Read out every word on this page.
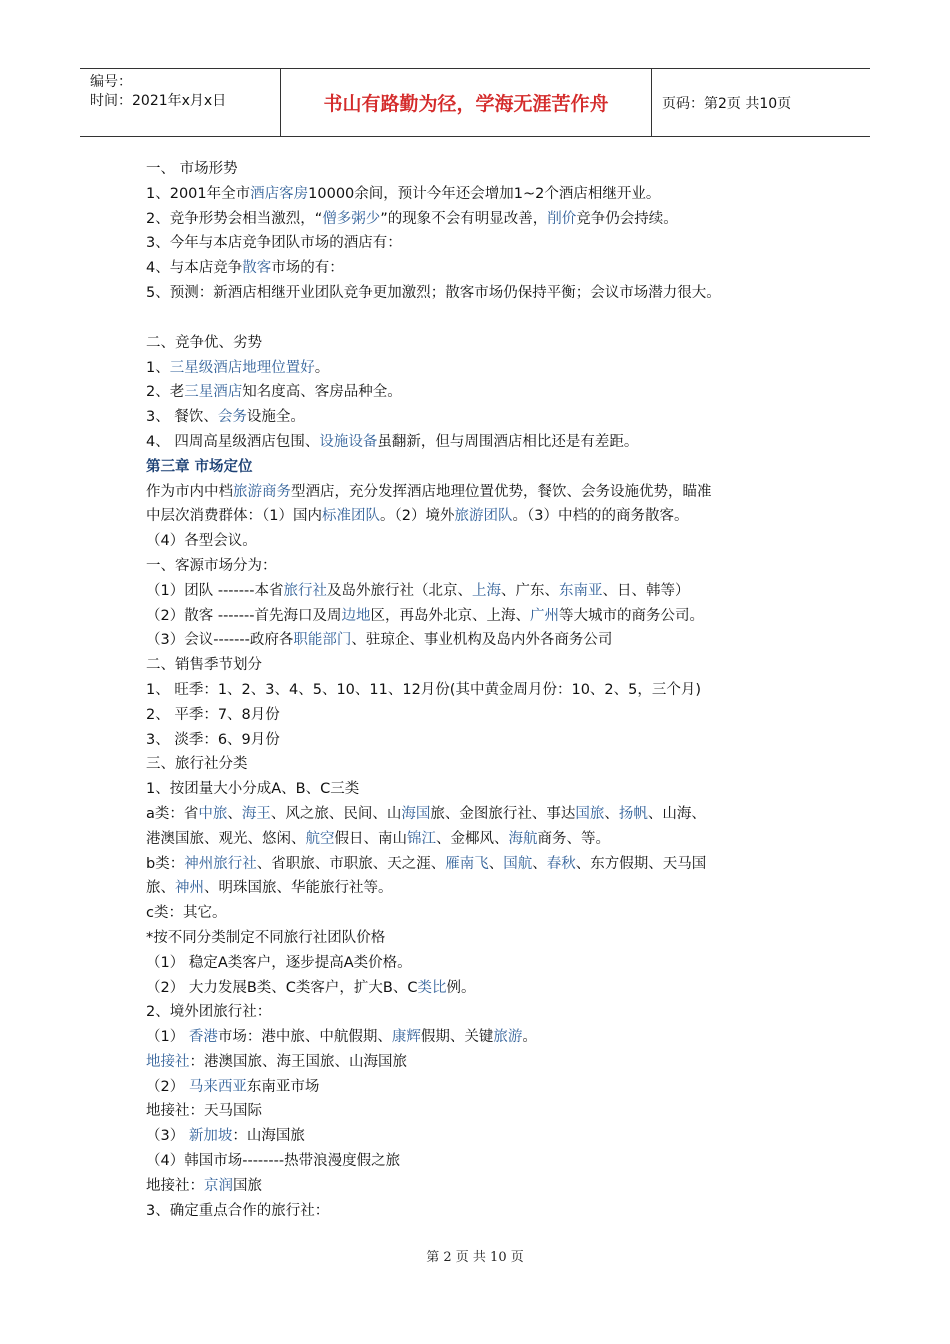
编号：
时间：2021年x月x日	书山有路勤为径，学海无涯苦作舟	页码：第2页 共10页
一、 市场形势
1、2001年全市酒店客房10000余间，预计今年还会增加1~2个酒店相继开业。
2、竞争形势会相当激烈，“僧多粥少”的现象不会有明显改善，削价竞争仍会持续。
3、今年与本店竞争团队市场的酒店有：
4、与本店竞争散客市场的有：
5、预测：新酒店相继开业团队竞争更加激烈；散客市场仍保持平衡；会议市场潜力很大。
二、竞争优、劣势
1、三星级酒店地理位置好。
2、老三星酒店知名度高、客房品种全。
3、 餐饮、会务设施全。
4、 四周高星级酒店包围、设施设备虽翻新，但与周围酒店相比还是有差距。
第三章 市场定位
作为市内中档旅游商务型酒店，充分发挥酒店地理位置优势，餐饮、会务设施优势，瞄准
中层次消费群体：（1）国内标准团队。（2）境外旅游团队。（3）中档的的商务散客。
（4）各型会议。
一、客源市场分为：
（1）团队 -------本省旅行社及岛外旅行社（北京、上海、广东、东南亚、日、韩等）
（2）散客 -------首先海口及周边地区，再岛外北京、上海、广州等大城市的商务公司。
（3）会议-------政府各职能部门、驻琼企、事业机构及岛内外各商务公司
二、销售季节划分
1、 旺季：1、2、3、4、5、10、11、12月份(其中黄金周月份：10、2、5，三个月)
2、 平季：7、8月份
3、 淡季：6、9月份
三、旅行社分类
1、按团量大小分成A、B、C三类
a类：省中旅、海王、风之旅、民间、山海国旅、金图旅行社、事达国旅、扬帆、山海、
港澳国旅、观光、悠闲、航空假日、南山锦江、金椰风、海航商务、等。
b类：神州旅行社、省职旅、市职旅、天之涯、雁南飞、国航、春秋、东方假期、天马国
旅、神州、明珠国旅、华能旅行社等。
c类：其它。
*按不同分类制定不同旅行社团队价格
（1） 稳定A类客户，逐步提高A类价格。
（2） 大力发展B类、C类客户，扩大B、C类比例。
2、境外团旅行社：
（1） 香港市场：港中旅、中航假期、康辉假期、关键旅游。
地接社：港澳国旅、海王国旅、山海国旅
（2） 马来西亚东南亚市场
地接社：天马国际
（3） 新加坡：山海国旅
（4）韩国市场--------热带浪漫度假之旅
地接社：京润国旅
3、确定重点合作的旅行社：
第 2 页 共 10 页
